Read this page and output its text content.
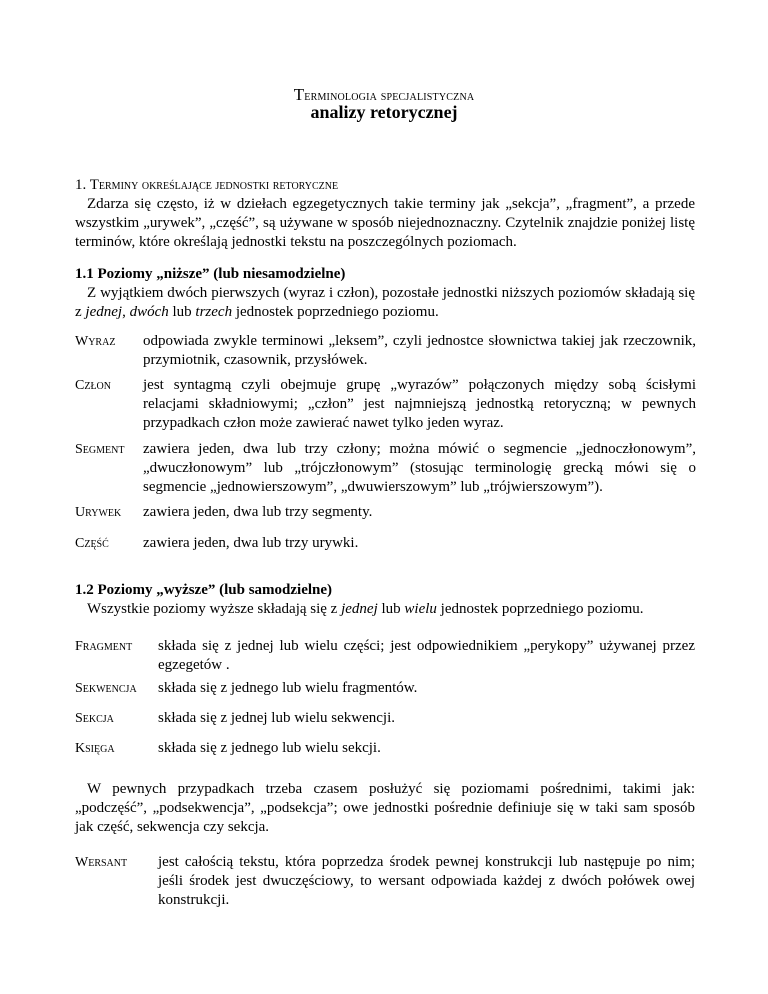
Terminologia specjalistyczna
analizy retorycznej
1. Terminy określające jednostki retoryczne
Zdarza się często, iż w dziełach egzegetycznych takie terminy jak „sekcja”, „fragment”, a przede wszystkim „urywek”, „część”, są używane w sposób niejednoznaczny. Czytelnik znajdzie poniżej listę terminów, które określają jednostki tekstu na poszczególnych poziomach.
1.1 Poziomy „niższe” (lub niesamodzielne)
Z wyjątkiem dwóch pierwszych (wyraz i człon), pozostałe jednostki niższych poziomów składają się z jednej, dwóch lub trzech jednostek poprzedniego poziomu.
Wyraz odpowiada zwykle terminowi „leksem”, czyli jednostce słownictwa takiej jak rzeczownik, przymiotnik, czasownik, przysłówek.
Człon jest syntagmą czyli obejmuje grupę „wyrazów” połączonych między sobą ścisłymi relacjami składniowymi; „człon” jest najmniejszą jednostką retoryczną; w pewnych przypadkach człon może zawierać nawet tylko jeden wyraz.
Segment zawiera jeden, dwa lub trzy człony; można mówić o segmencie „jednoczłonowym”, „dwuczłonowym” lub „trójczłonowym” (stosując terminologię grecką mówi się o segmencie „jednowierszowym”, „dwuwierszowym” lub „trójwierszowym”).
Urywek zawiera jeden, dwa lub trzy segmenty.
Część zawiera jeden, dwa lub trzy urywki.
1.2 Poziomy „wyższe” (lub samodzielne)
Wszystkie poziomy wyższe składają się z jednej lub wielu jednostek poprzedniego poziomu.
Fragment składa się z jednej lub wielu części; jest odpowiednikiem „perykopy” używanej przez egzegetów .
Sekwencja składa się z jednego lub wielu fragmentów.
Sekcja	składa się z jednej lub wielu sekwencji.
Księga	składa się z jednego lub wielu sekcji.
W pewnych przypadkach trzeba czasem posłużyć się poziomami pośrednimi, takimi jak: „podczęść”, „podsekwencja”, „podsekcja”; owe jednostki pośrednie definiuje się w taki sam sposób jak część, sekwencja czy sekcja.
Wersant jest całością tekstu, która poprzedza środek pewnej konstrukcji lub następuje po nim; jeśli środek jest dwuczęściowy, to wersant odpowiada każdej z dwóch połówek owej konstrukcji.
